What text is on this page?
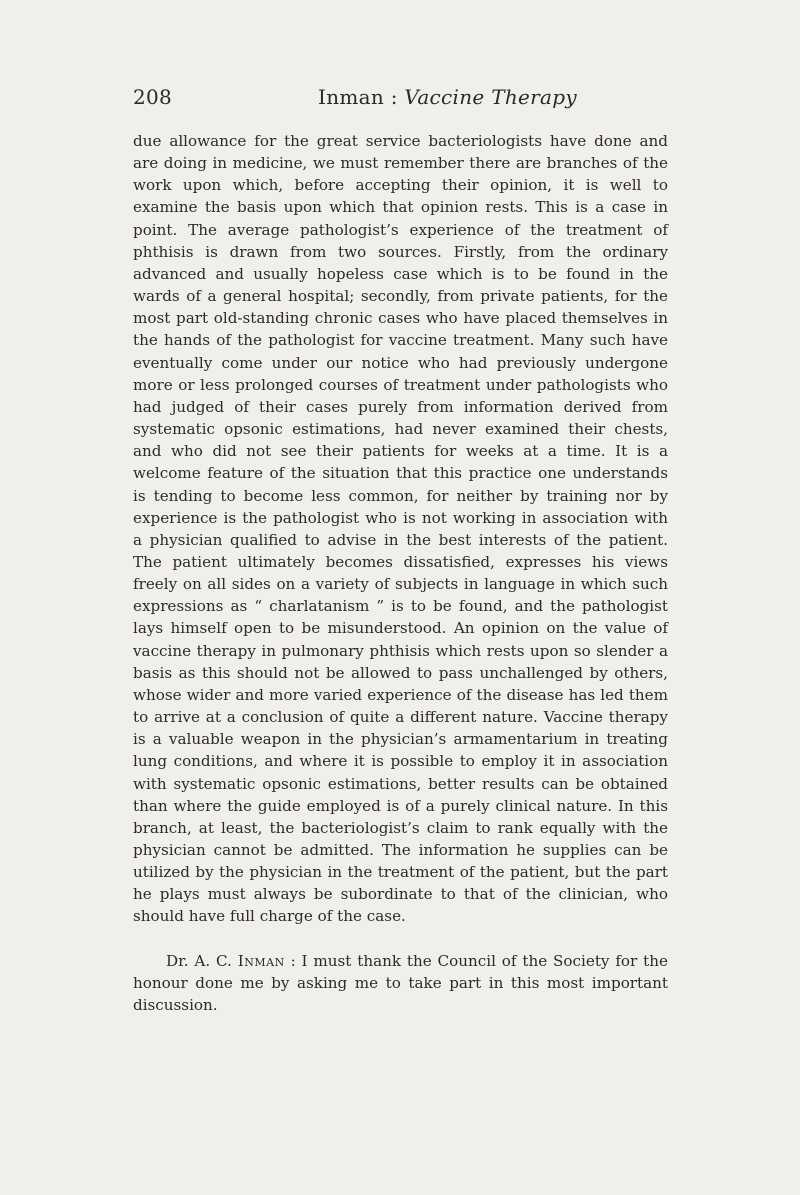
208	Inman : Vaccine Therapy

due allowance for the great service bacteriologists have done and are doing in medicine, we must remember there are branches of the work upon which, before accepting their opinion, it is well to examine the basis upon which that opinion rests. This is a case in point. The average pathologist’s experience of the treatment of phthisis is drawn from two sources. Firstly, from the ordinary advanced and usually hopeless case which is to be found in the wards of a general hospital; secondly, from private patients, for the most part old-standing chronic cases who have placed themselves in the hands of the pathologist for vaccine treatment. Many such have eventually come under our notice who had previously undergone more or less prolonged courses of treatment under pathologists who had judged of their cases purely from information derived from systematic opsonic estimations, had never examined their chests, and who did not see their patients for weeks at a time. It is a welcome feature of the situation that this practice one understands is tending to become less common, for neither by training nor by experience is the pathologist who is not working in association with a physician qualified to advise in the best interests of the patient. The patient ultimately becomes dissatisfied, expresses his views freely on all sides on a variety of subjects in language in which such expressions as “ charlatanism ” is to be found, and the pathologist lays himself open to be misunderstood. An opinion on the value of vaccine therapy in pulmonary phthisis which rests upon so slender a basis as this should not be allowed to pass unchallenged by others, whose wider and more varied experience of the disease has led them to arrive at a conclusion of quite a different nature. Vaccine therapy is a valuable weapon in the physician’s armamentarium in treating lung conditions, and where it is possible to employ it in association with systematic opsonic estimations, better results can be obtained than where the guide employed is of a purely clinical nature. In this branch, at least, the bacteriologist’s claim to rank equally with the physician cannot be admitted. The information he supplies can be utilized by the physician in the treatment of the patient, but the part he plays must always be subordinate to that of the clinician, who should have full charge of the case.

Dr. A. C. Inman : I must thank the Council of the Society for the honour done me by asking me to take part in this most important discussion.
